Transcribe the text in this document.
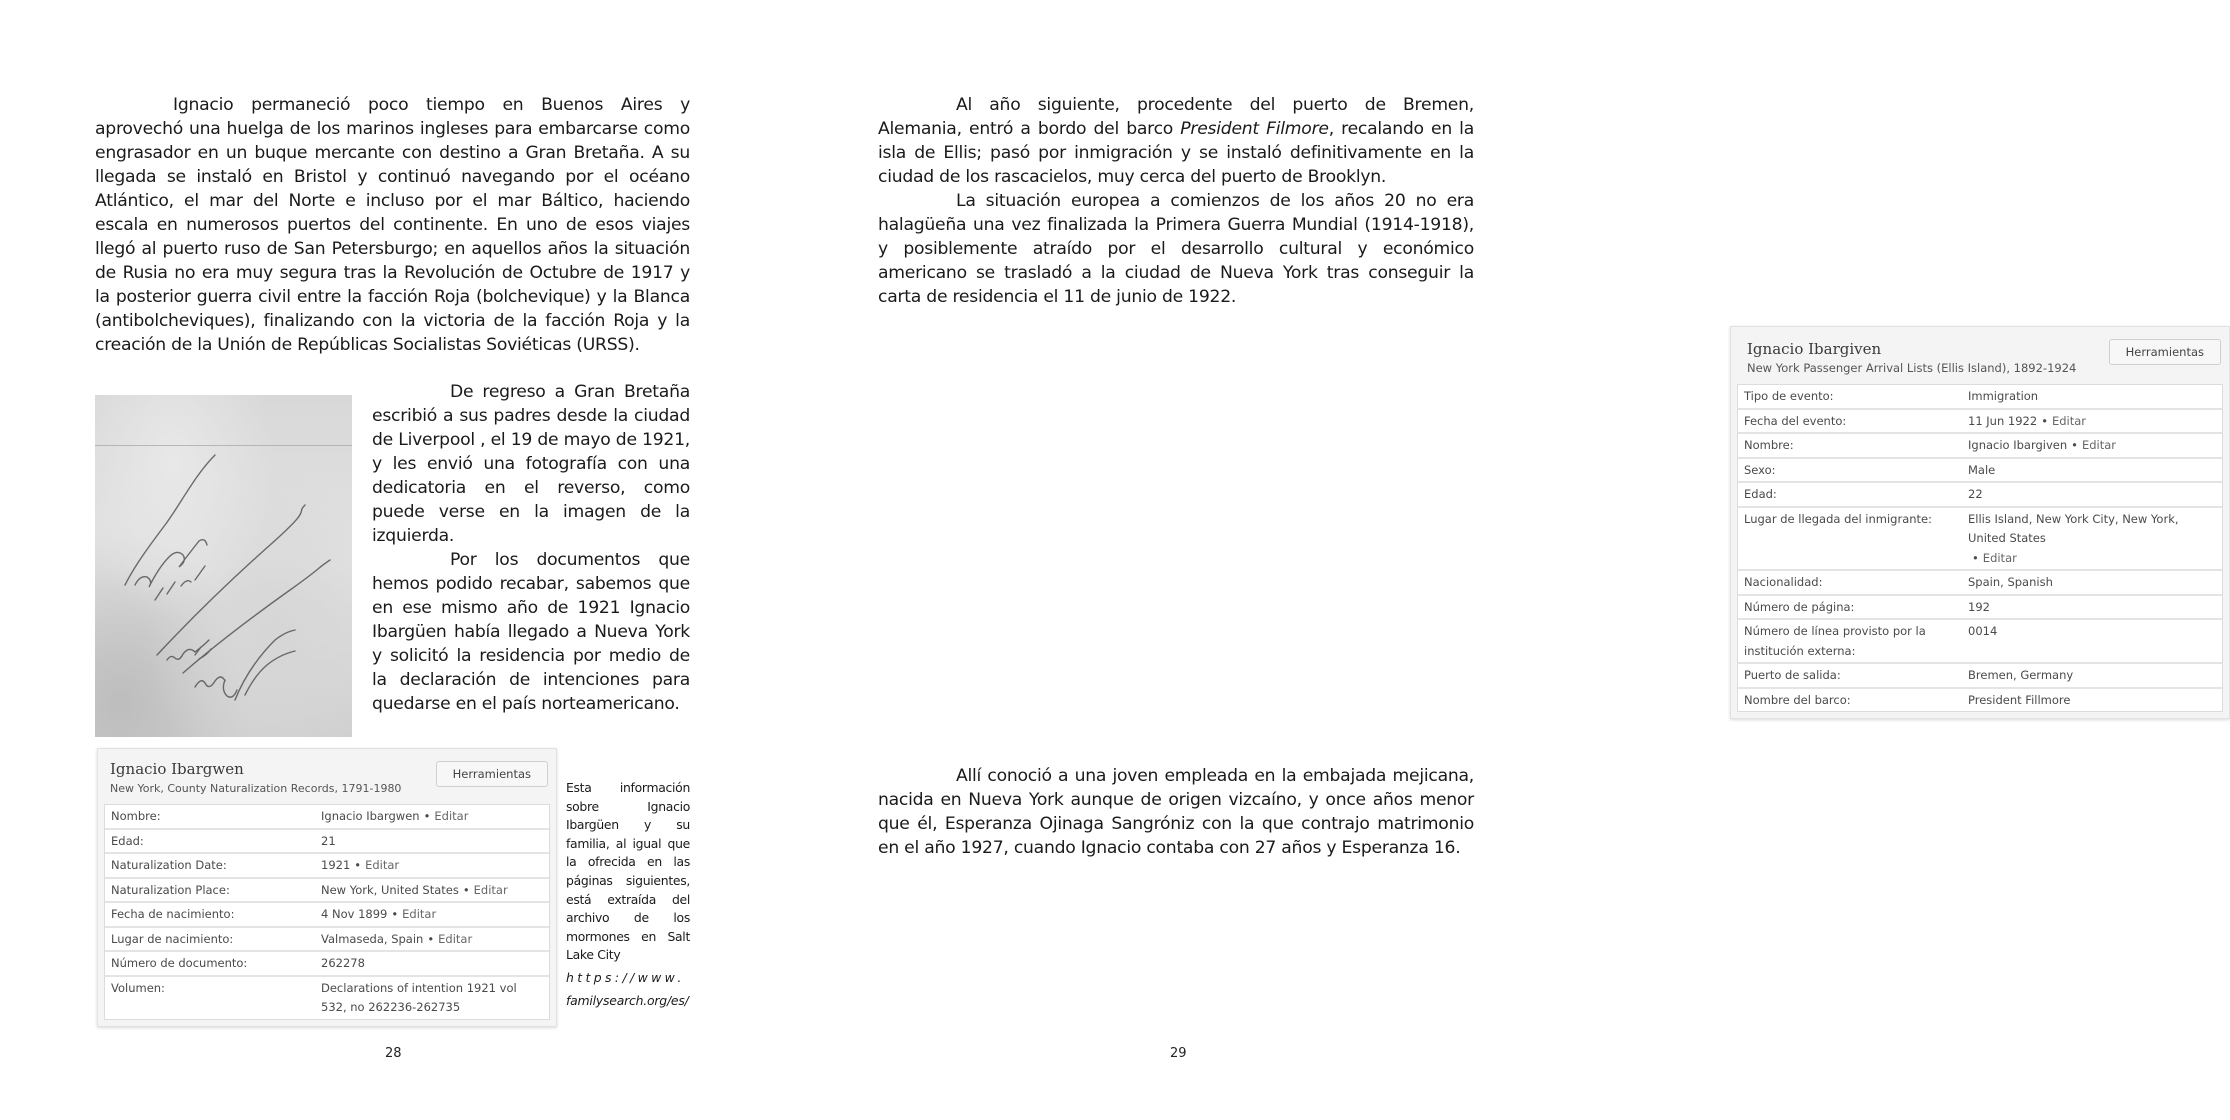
Ignacio permaneció poco tiempo en Buenos Aires y aprovechó una huelga de los marinos ingleses para embarcarse como engrasador en un buque mercante con destino a Gran Bretaña. A su llegada se instaló en Bristol y continuó navegando por el océano Atlántico, el mar del Norte e incluso por el mar Báltico, haciendo escala en numerosos puertos del continente. En uno de esos viajes llegó al puerto ruso de San Petersburgo; en aquellos años la situación de Rusia no era muy segura tras la Revolución de Octubre de 1917 y la posterior guerra civil entre la facción Roja (bolchevique) y la Blanca (antibolcheviques), finalizando con la victoria de la facción Roja y la creación de la Unión de Repúblicas Socialistas Soviéticas (URSS).

De regreso a Gran Bretaña escribió a sus padres desde la ciudad de Liverpool , el 19 de mayo de 1921, y les envió una fotografía con una dedicatoria en el reverso, como puede verse en la imagen de la izquierda.

Por los documentos que hemos podido recabar, sabemos que en ese mismo año de 1921 Ignacio Ibargüen había llegado a Nueva York y solicitó la residencia por medio de la declaración de intenciones para quedarse en el país norteamericano.

Ignacio Ibargwen
New York, County Naturalization Records, 1791-1980
Herramientas
Nombre:	Ignacio Ibargwen • Editar
Edad:	21
Naturalization Date:	1921 • Editar
Naturalization Place:	New York, United States • Editar
Fecha de nacimiento:	4 Nov 1899 • Editar
Lugar de nacimiento:	Valmaseda, Spain • Editar
Número de documento:	262278
Volumen:	Declarations of intention 1921 vol 532, no 262236-262735
Esta información sobre Ignacio Ibargüen y su familia, al igual que la ofrecida en las páginas siguientes, está extraída del archivo de los mormones en Salt Lake City
https://www.
familysearch.org/es/
28

Al año siguiente, procedente del puerto de Bremen, Alemania, entró a bordo del barco President Filmore, recalando en la isla de Ellis; pasó por inmigración y se instaló definitivamente en la ciudad de los rascacielos, muy cerca del puerto de Brooklyn.

La situación europea a comienzos de los años 20 no era halagüeña una vez finalizada la Primera Guerra Mundial (1914-1918), y posiblemente atraído por el desarrollo cultural y económico americano se trasladó a la ciudad de Nueva York tras conseguir la carta de residencia el 11 de junio de 1922.

Ignacio Ibargiven
New York Passenger Arrival Lists (Ellis Island), 1892-1924
Herramientas
Tipo de evento:	Immigration
Fecha del evento:	11 Jun 1922 • Editar
Nombre:	Ignacio Ibargiven • Editar
Sexo:	Male
Edad:	22
Lugar de llegada del inmigrante:	Ellis Island, New York City, New York, United States
• Editar
Nacionalidad:	Spain, Spanish
Número de página:	192
Número de línea provisto por la institución externa:
0014
Puerto de salida:	Bremen, Germany
Nombre del barco:	President Fillmore

Allí conoció a una joven empleada en la embajada mejicana, nacida en Nueva York aunque de origen vizcaíno, y once años menor que él, Esperanza Ojinaga Sangróniz con la que contrajo matrimonio en el año 1927, cuando Ignacio contaba con 27 años y Esperanza 16.

29
